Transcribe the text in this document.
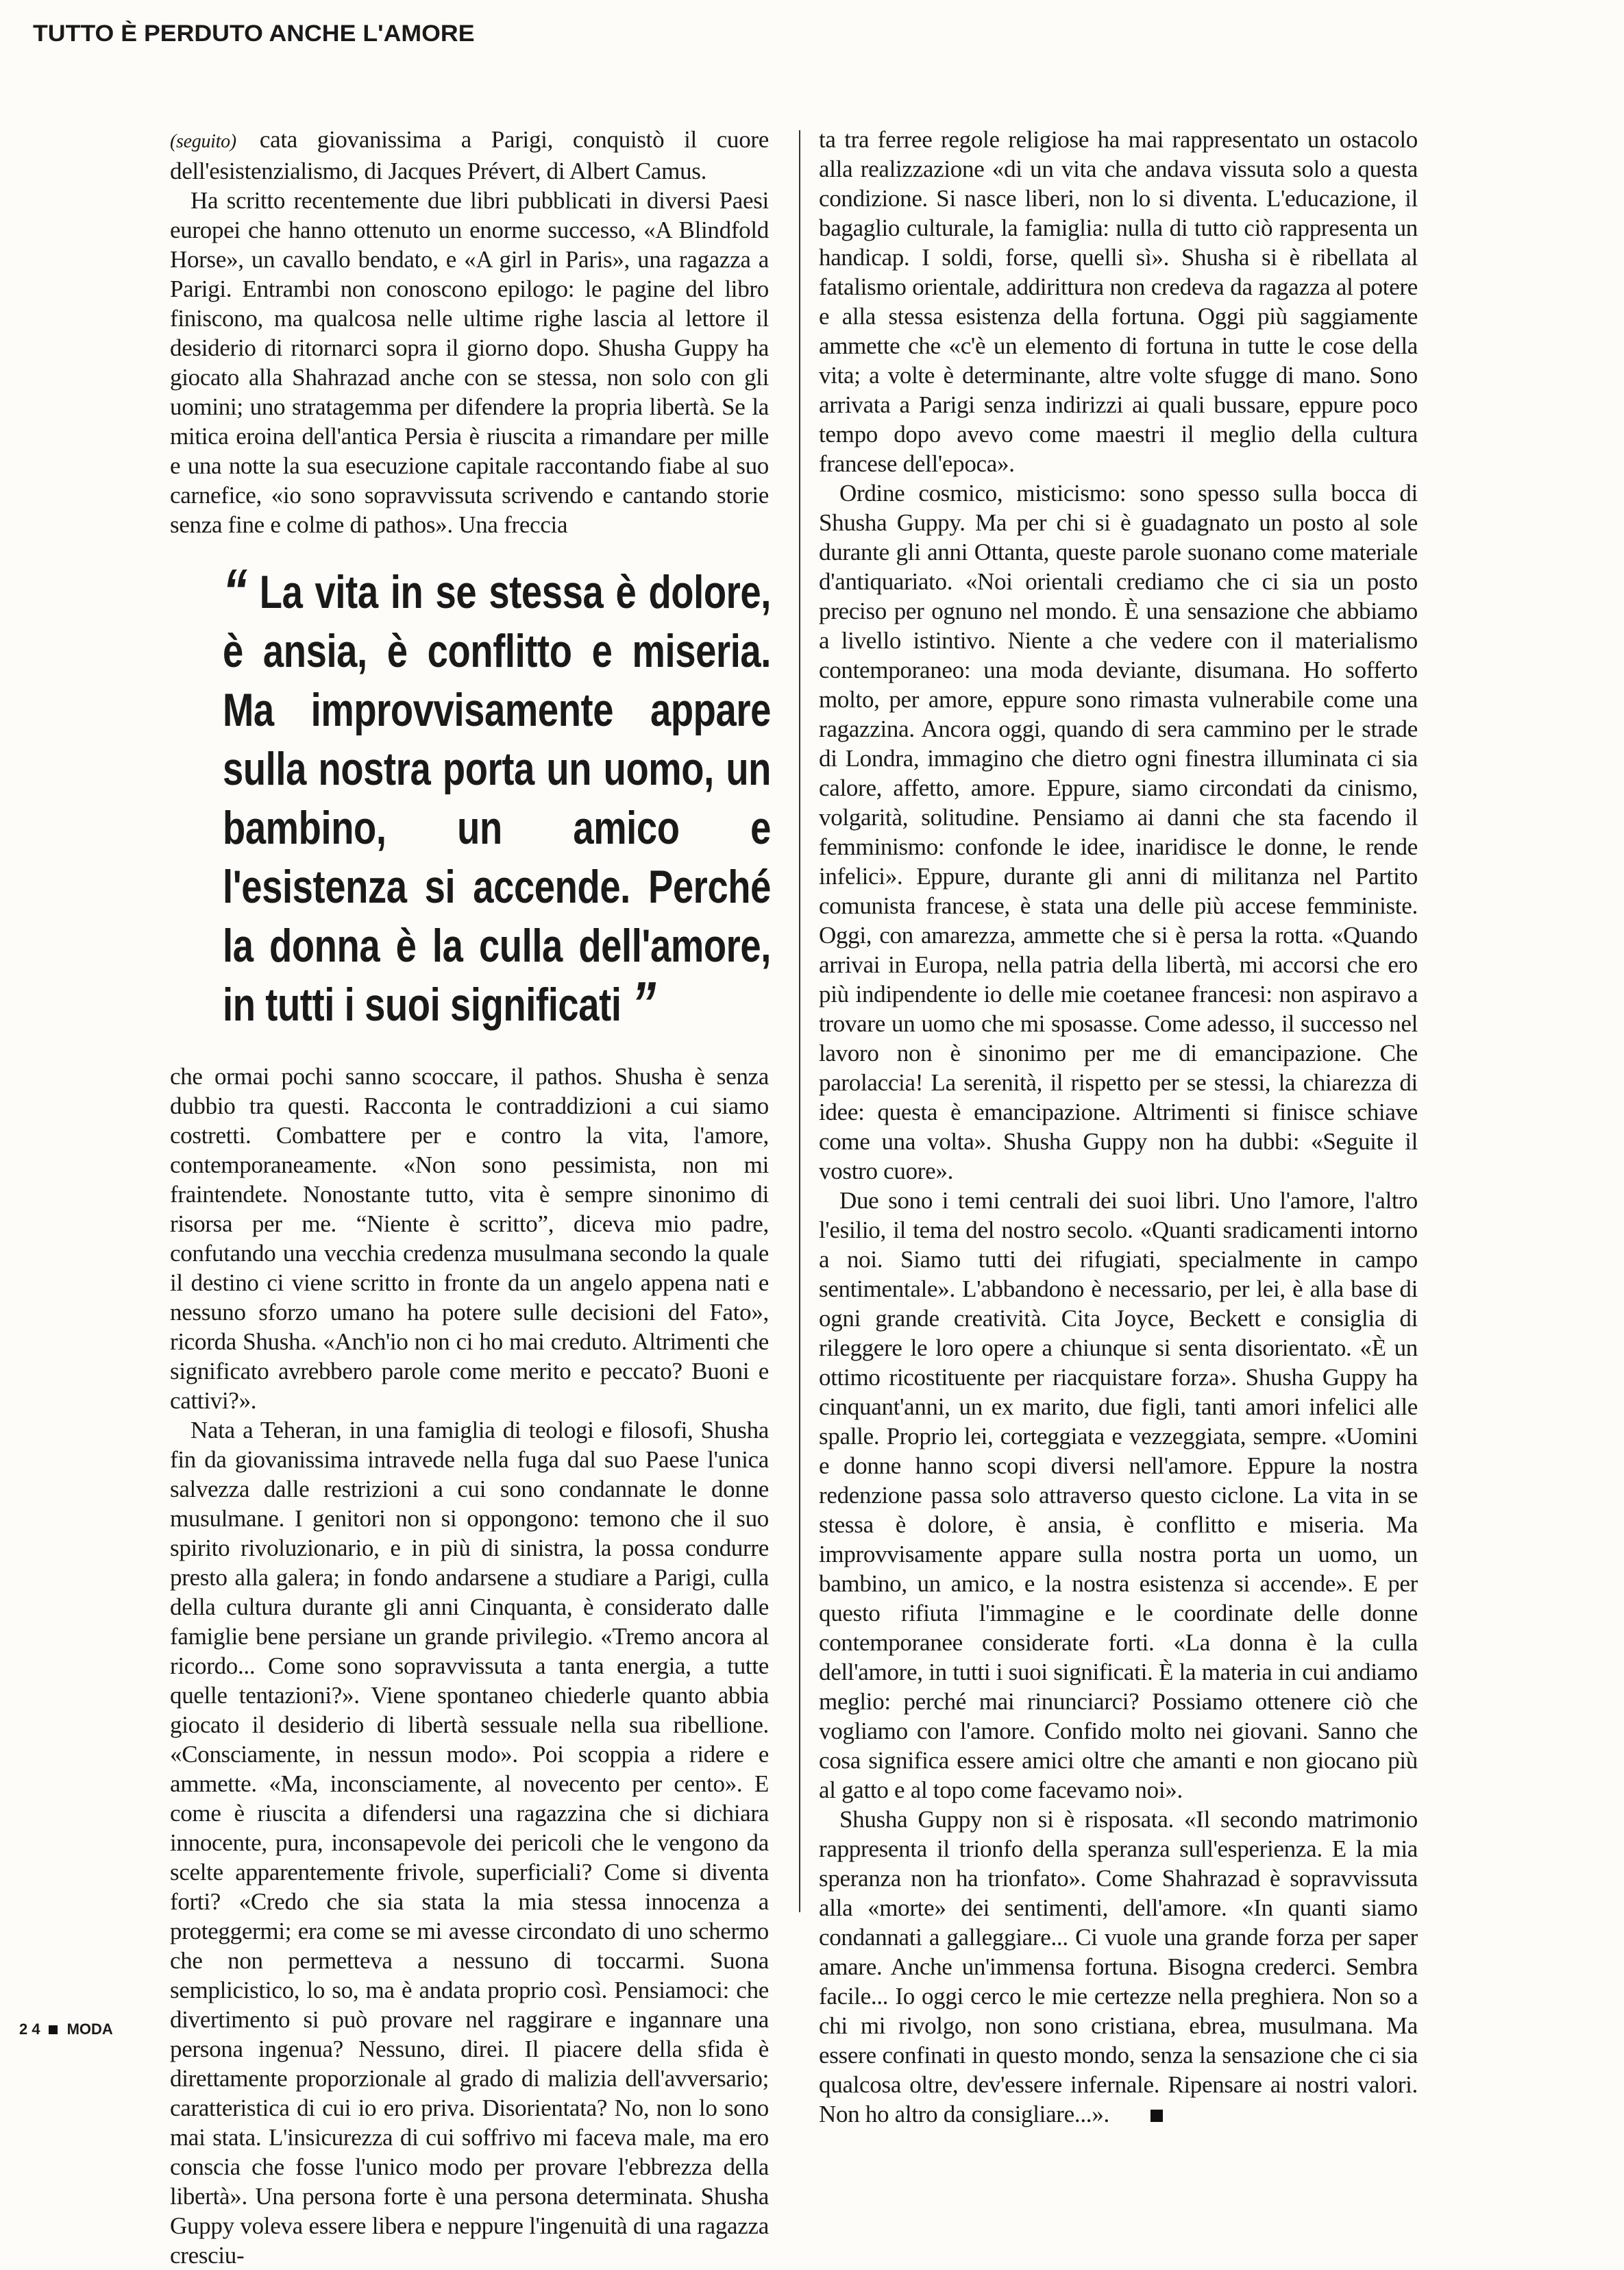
TUTTO È PERDUTO ANCHE L'AMORE

(seguito) cata giovanissima a Parigi, conquistò il cuore dell'esistenzialismo, di Jacques Prévert, di Albert Camus.

Ha scritto recentemente due libri pubblicati in diversi Paesi europei che hanno ottenuto un enorme successo, «A Blindfold Horse», un cavallo bendato, e «A girl in Paris», una ragazza a Parigi. Entrambi non conoscono epilogo: le pagine del libro finiscono, ma qualcosa nelle ultime righe lascia al lettore il desiderio di ritornarci sopra il giorno dopo. Shusha Guppy ha giocato alla Shahrazad anche con se stessa, non solo con gli uomini; uno stratagemma per difendere la propria libertà. Se la mitica eroina dell'antica Persia è riuscita a rimandare per mille e una notte la sua esecuzione capitale raccontando fiabe al suo carnefice, «io sono sopravvissuta scrivendo e cantando storie senza fine e colme di pathos». Una freccia

“ La vita in se stessa è dolore, è ansia, è conflitto e miseria. Ma improvvisamente appare sulla nostra porta un uomo, un bambino, un amico e l'esistenza si accende. Perché la donna è la culla dell'amore, in tutti i suoi significati ”

che ormai pochi sanno scoccare, il pathos. Shusha è senza dubbio tra questi. Racconta le contraddizioni a cui siamo costretti. Combattere per e contro la vita, l'amore, contemporaneamente. «Non sono pessimista, non mi fraintendete. Nonostante tutto, vita è sempre sinonimo di risorsa per me. “Niente è scritto”, diceva mio padre, confutando una vecchia credenza musulmana secondo la quale il destino ci viene scritto in fronte da un angelo appena nati e nessuno sforzo umano ha potere sulle decisioni del Fato», ricorda Shusha. «Anch'io non ci ho mai creduto. Altrimenti che significato avrebbero parole come merito e peccato? Buoni e cattivi?».

Nata a Teheran, in una famiglia di teologi e filosofi, Shusha fin da giovanissima intravede nella fuga dal suo Paese l'unica salvezza dalle restrizioni a cui sono condannate le donne musulmane. I genitori non si oppongono: temono che il suo spirito rivoluzionario, e in più di sinistra, la possa condurre presto alla galera; in fondo andarsene a studiare a Parigi, culla della cultura durante gli anni Cinquanta, è considerato dalle famiglie bene persiane un grande privilegio. «Tremo ancora al ricordo... Come sono sopravvissuta a tanta energia, a tutte quelle tentazioni?». Viene spontaneo chiederle quanto abbia giocato il desiderio di libertà sessuale nella sua ribellione. «Consciamente, in nessun modo». Poi scoppia a ridere e ammette. «Ma, inconsciamente, al novecento per cento». E come è riuscita a difendersi una ragazzina che si dichiara innocente, pura, inconsapevole dei pericoli che le vengono da scelte apparentemente frivole, superficiali? Come si diventa forti? «Credo che sia stata la mia stessa innocenza a proteggermi; era come se mi avesse circondato di uno schermo che non permetteva a nessuno di toccarmi. Suona semplicistico, lo so, ma è andata proprio così. Pensiamoci: che divertimento si può provare nel raggirare e ingannare una persona ingenua? Nessuno, direi. Il piacere della sfida è direttamente proporzionale al grado di malizia dell'avversario; caratteristica di cui io ero priva. Disorientata? No, non lo sono mai stata. L'insicurezza di cui soffrivo mi faceva male, ma ero conscia che fosse l'unico modo per provare l'ebbrezza della libertà». Una persona forte è una persona determinata. Shusha Guppy voleva essere libera e neppure l'ingenuità di una ragazza cresciu-

ta tra ferree regole religiose ha mai rappresentato un ostacolo alla realizzazione «di un vita che andava vissuta solo a questa condizione. Si nasce liberi, non lo si diventa. L'educazione, il bagaglio culturale, la famiglia: nulla di tutto ciò rappresenta un handicap. I soldi, forse, quelli sì». Shusha si è ribellata al fatalismo orientale, addirittura non credeva da ragazza al potere e alla stessa esistenza della fortuna. Oggi più saggiamente ammette che «c'è un elemento di fortuna in tutte le cose della vita; a volte è determinante, altre volte sfugge di mano. Sono arrivata a Parigi senza indirizzi ai quali bussare, eppure poco tempo dopo avevo come maestri il meglio della cultura francese dell'epoca».

Ordine cosmico, misticismo: sono spesso sulla bocca di Shusha Guppy. Ma per chi si è guadagnato un posto al sole durante gli anni Ottanta, queste parole suonano come materiale d'antiquariato. «Noi orientali crediamo che ci sia un posto preciso per ognuno nel mondo. È una sensazione che abbiamo a livello istintivo. Niente a che vedere con il materialismo contemporaneo: una moda deviante, disumana. Ho sofferto molto, per amore, eppure sono rimasta vulnerabile come una ragazzina. Ancora oggi, quando di sera cammino per le strade di Londra, immagino che dietro ogni finestra illuminata ci sia calore, affetto, amore. Eppure, siamo circondati da cinismo, volgarità, solitudine. Pensiamo ai danni che sta facendo il femminismo: confonde le idee, inaridisce le donne, le rende infelici». Eppure, durante gli anni di militanza nel Partito comunista francese, è stata una delle più accese femministe. Oggi, con amarezza, ammette che si è persa la rotta. «Quando arrivai in Europa, nella patria della libertà, mi accorsi che ero più indipendente io delle mie coetanee francesi: non aspiravo a trovare un uomo che mi sposasse. Come adesso, il successo nel lavoro non è sinonimo per me di emancipazione. Che parolaccia! La serenità, il rispetto per se stessi, la chiarezza di idee: questa è emancipazione. Altrimenti si finisce schiave come una volta». Shusha Guppy non ha dubbi: «Seguite il vostro cuore».

Due sono i temi centrali dei suoi libri. Uno l'amore, l'altro l'esilio, il tema del nostro secolo. «Quanti sradicamenti intorno a noi. Siamo tutti dei rifugiati, specialmente in campo sentimentale». L'abbandono è necessario, per lei, è alla base di ogni grande creatività. Cita Joyce, Beckett e consiglia di rileggere le loro opere a chiunque si senta disorientato. «È un ottimo ricostituente per riacquistare forza». Shusha Guppy ha cinquant'anni, un ex marito, due figli, tanti amori infelici alle spalle. Proprio lei, corteggiata e vezzeggiata, sempre. «Uomini e donne hanno scopi diversi nell'amore. Eppure la nostra redenzione passa solo attraverso questo ciclone. La vita in se stessa è dolore, è ansia, è conflitto e miseria. Ma improvvisamente appare sulla nostra porta un uomo, un bambino, un amico, e la nostra esistenza si accende». E per questo rifiuta l'immagine e le coordinate delle donne contemporanee considerate forti. «La donna è la culla dell'amore, in tutti i suoi significati. È la materia in cui andiamo meglio: perché mai rinunciarci? Possiamo ottenere ciò che vogliamo con l'amore. Confido molto nei giovani. Sanno che cosa significa essere amici oltre che amanti e non giocano più al gatto e al topo come facevamo noi».

Shusha Guppy non si è risposata. «Il secondo matrimonio rappresenta il trionfo della speranza sull'esperienza. E la mia speranza non ha trionfato». Come Shahrazad è sopravvissuta alla «morte» dei sentimenti, dell'amore. «In quanti siamo condannati a galleggiare... Ci vuole una grande forza per saper amare. Anche un'immensa fortuna. Bisogna crederci. Sembra facile... Io oggi cerco le mie certezze nella preghiera. Non so a chi mi rivolgo, non sono cristiana, ebrea, musulmana. Ma essere confinati in questo mondo, senza la sensazione che ci sia qualcosa oltre, dev'essere infernale. Ripensare ai nostri valori. Non ho altro da consigliare...».

2 4 MODA
